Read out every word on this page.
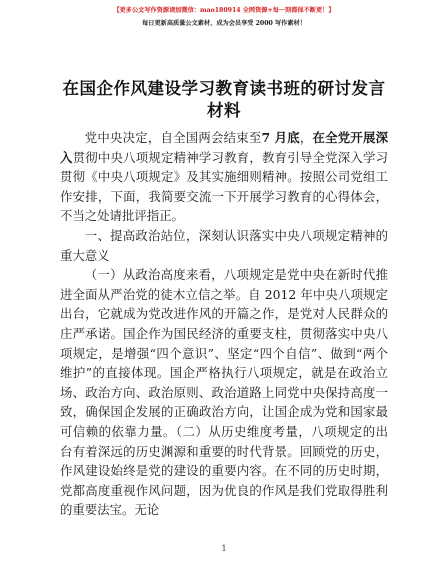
【更多公文写作资源请加微信：mao180914 全网资源+每一刻都保不断更！】
每日更新高质量公文素材，成为会员享受 2000 写作素材！
在国企作风建设学习教育读书班的研讨发言材料

党中央决定，自全国两会结束至7 月底，在全党开展深入贯彻中央八项规定精神学习教育，教育引导全党深入学习贯彻《中央八项规定》及其实施细则精神。按照公司党组工作安排，下面，我简要交流一下开展学习教育的心得体会，不当之处请批评指正。

一、提高政治站位，深刻认识落实中央八项规定精神的重大意义

（一）从政治高度来看，八项规定是党中央在新时代推进全面从严治党的徒木立信之举。自 2012 年中央八项规定出台，它就成为党改进作风的开篇之作，是党对人民群众的庄严承诺。国企作为国民经济的重要支柱，贯彻落实中央八项规定，是增强“四个意识”、坚定“四个自信”、做到“两个维护”的直接体现。国企严格执行八项规定，就是在政治立场、政治方向、政治原则、政治道路上同党中央保持高度一致，确保国企发展的正确政治方向，让国企成为党和国家最可信赖的依靠力量。（二）从历史维度考量，八项规定的出台有着深远的历史渊源和重要的时代背景。回顾党的历史，作风建设始终是党的建设的重要内容。在不同的历史时期，党都高度重视作风问题，因为优良的作风是我们党取得胜利的重要法宝。无论

1
